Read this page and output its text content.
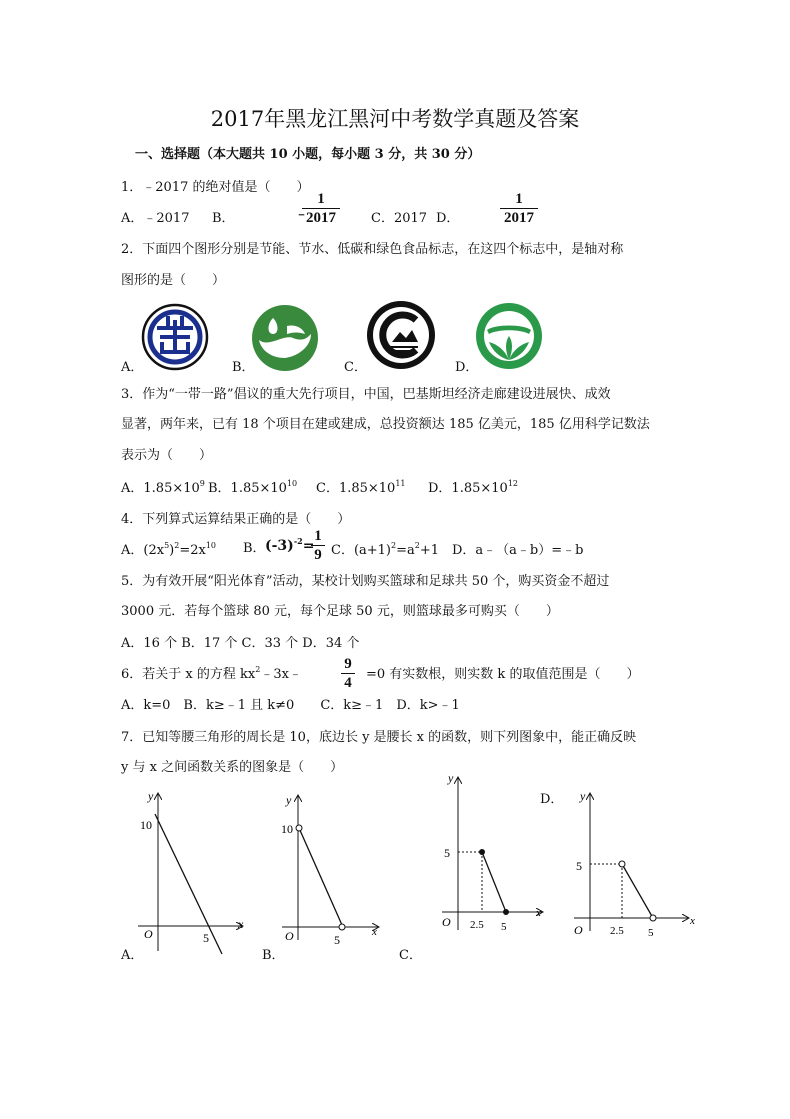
2017年黑龙江黑河中考数学真题及答案
一、选择题（本大题共 10 小题，每小题 3 分，共 30 分）
1．﹣2017 的绝对值是（　　）
A．﹣2017 B．	﹣
1
2017	C．2017 D．
1
2017
2．下面四个图形分别是节能、节水、低碳和绿色食品标志，在这四个标志中，是轴对称
图形的是（　　）
A．	B．	C．	D．
3．作为“一带一路”倡议的重大先行项目，中国，巴基斯坦经济走廊建设进展快、成效
显著，两年来，已有 18 个项目在建或建成，总投资额达 185 亿美元，185 亿用科学记数法
表示为（　　）
A．$1.85\times 10^9$ B．$1.85\times 10^{10}$ C．$1.85\times 10^{11}$ D．$1.85\times 10^{12}$
4．下列算式运算结果正确的是（　　）
A．$(2x^5)^2=2x^{10}$ B． $(-3)^{-2}=$
1
9 C．$(a+1)^2=a^2+1$ D．a﹣（a﹣b）=﹣b
5．为有效开展“阳光体育”活动，某校计划购买篮球和足球共 50 个，购买资金不超过
3000 元．若每个篮球 80 元，每个足球 50 元，则篮球最多可购买（　　）
A．16 个 B．17 个 C．33 个 D．34 个
6．若关于 x 的方程 $kx^2﹣3x﹣$
9
4
=0 有实数根，则实数 k 的取值范围是（　　）
A．k=0　B．k≥﹣1 且 k≠0　　C．k≥﹣1　D．k>﹣1
7．已知等腰三角形的周长是 10，底边长 y 是腰长 x 的函数，则下列图象中，能正确反映
y 与 x 之间函数关系的图象是（　　）
y
x
O
10
5
A．
y
x
O
10
5
B．
y
x
O
5
2.5 5
C．
D． y
x
O
5
2.5 5
